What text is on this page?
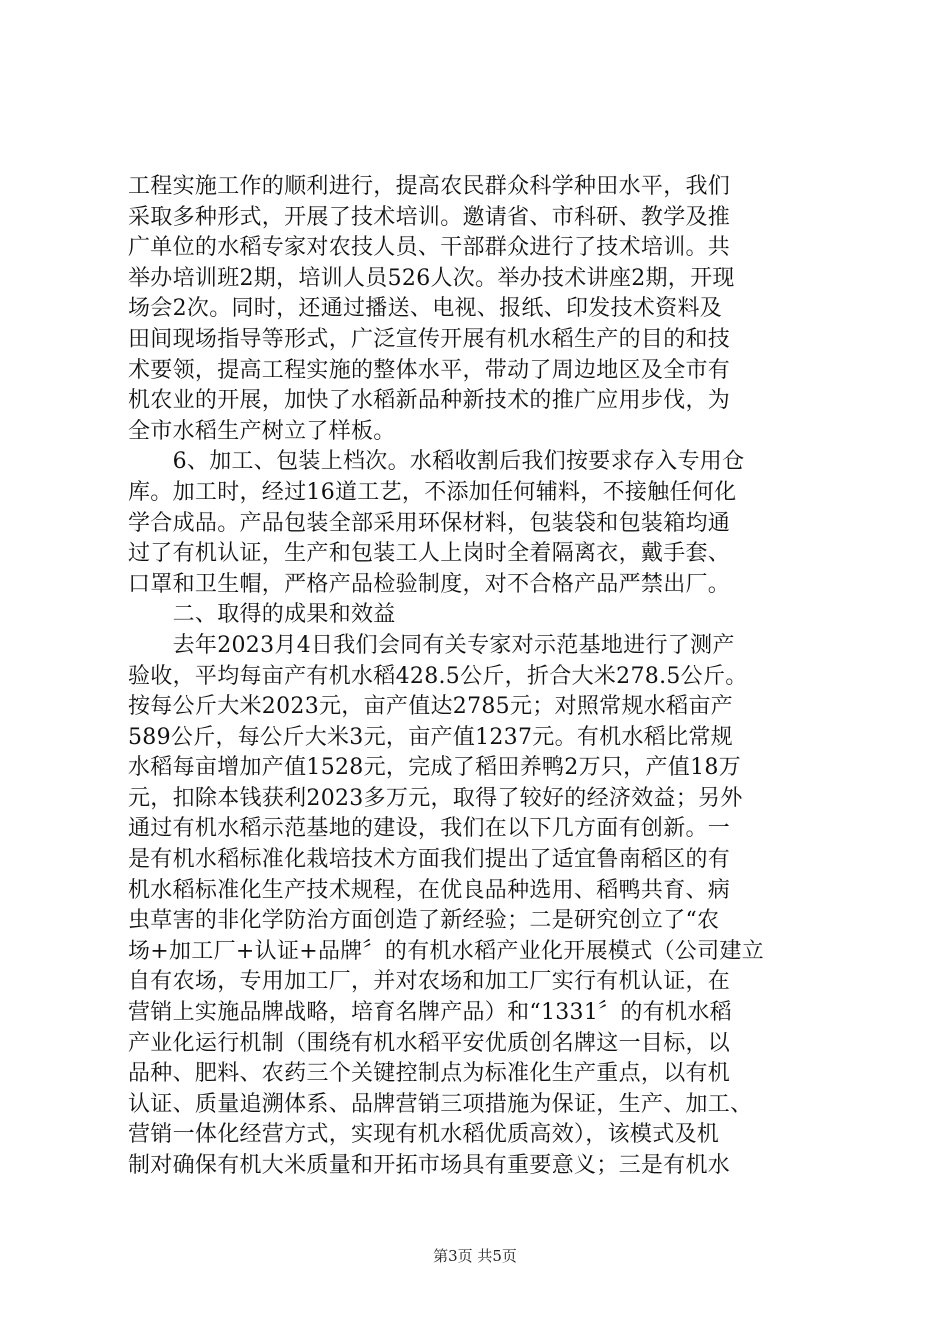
工程实施工作的顺利进行，提高农民群众科学种田水平，我们
采取多种形式，开展了技术培训。邀请省、市科研、教学及推
广单位的水稻专家对农技人员、干部群众进行了技术培训。共
举办培训班2期，培训人员526人次。举办技术讲座2期，开现
场会2次。同时，还通过播送、电视、报纸、印发技术资料及
田间现场指导等形式，广泛宣传开展有机水稻生产的目的和技
术要领，提高工程实施的整体水平，带动了周边地区及全市有
机农业的开展，加快了水稻新品种新技术的推广应用步伐，为
全市水稻生产树立了样板。
　　6、加工、包装上档次。水稻收割后我们按要求存入专用仓
库。加工时，经过16道工艺，不添加任何辅料，不接触任何化
学合成品。产品包装全部采用环保材料，包装袋和包装箱均通
过了有机认证，生产和包装工人上岗时全着隔离衣，戴手套、
口罩和卫生帽，严格产品检验制度，对不合格产品严禁出厂。
　　二、取得的成果和效益
　　去年2023月4日我们会同有关专家对示范基地进行了测产
验收，平均每亩产有机水稻428.5公斤，折合大米278.5公斤。
按每公斤大米2023元，亩产值达2785元；对照常规水稻亩产
589公斤，每公斤大米3元，亩产值1237元。有机水稻比常规
水稻每亩增加产值1528元，完成了稻田养鸭2万只，产值18万
元，扣除本钱获利2023多万元，取得了较好的经济效益；另外
通过有机水稻示范基地的建设，我们在以下几方面有创新。一
是有机水稻标准化栽培技术方面我们提出了适宜鲁南稻区的有
机水稻标准化生产技术规程，在优良品种选用、稻鸭共育、病
虫草害的非化学防治方面创造了新经验；二是研究创立了“农
场+加工厂+认证+品牌〞的有机水稻产业化开展模式（公司建立
自有农场，专用加工厂，并对农场和加工厂实行有机认证，在
营销上实施品牌战略，培育名牌产品）和“1331〞的有机水稻
产业化运行机制（围绕有机水稻平安优质创名牌这一目标，以
品种、肥料、农药三个关键控制点为标准化生产重点，以有机
认证、质量追溯体系、品牌营销三项措施为保证，生产、加工、
营销一体化经营方式，实现有机水稻优质高效），该模式及机
制对确保有机大米质量和开拓市场具有重要意义；三是有机水
第3页 共5页
